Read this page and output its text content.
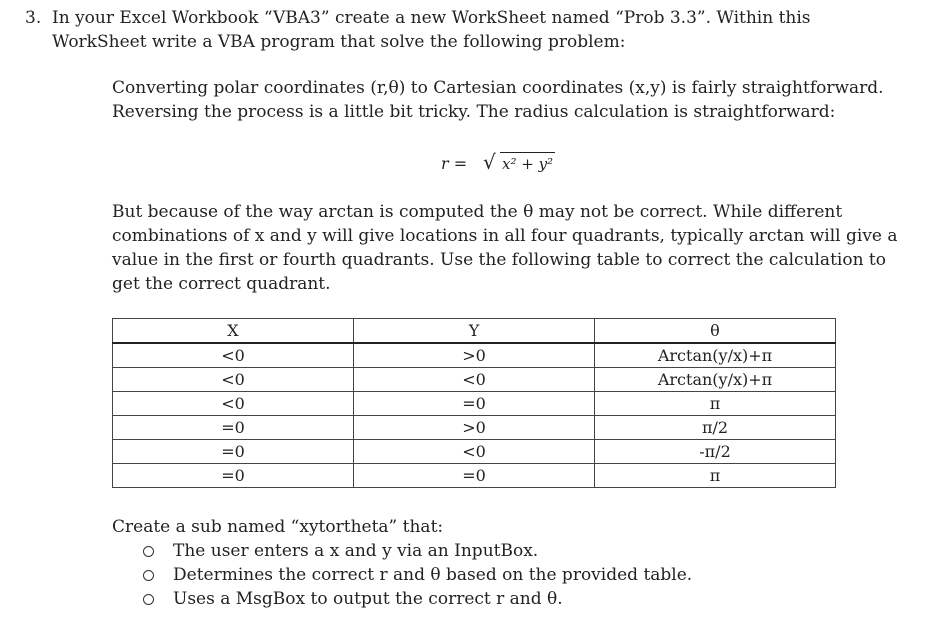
3. In your Excel Workbook “VBA3” create a new WorkSheet named “Prob 3.3”. Within this
WorkSheet write a VBA program that solve the following problem:
Converting polar coordinates (r,θ) to Cartesian coordinates (x,y) is fairly straightforward.
Reversing the process is a little bit tricky. The radius calculation is straightforward:
r = √ x² + y²
But because of the way arctan is computed the θ may not be correct. While different
combinations of x and y will give locations in all four quadrants, typically arctan will give a
value in the first or fourth quadrants. Use the following table to correct the calculation to
get the correct quadrant.
X	Y	θ
<0	>0	Arctan(y/x)+π
<0	<0	Arctan(y/x)+π
<0	=0	π
=0	>0	π/2
=0	<0	-π/2
=0	=0	π
Create a sub named “xytortheta” that:
The user enters a x and y via an InputBox.
Determines the correct r and θ based on the provided table.
Uses a MsgBox to output the correct r and θ.
